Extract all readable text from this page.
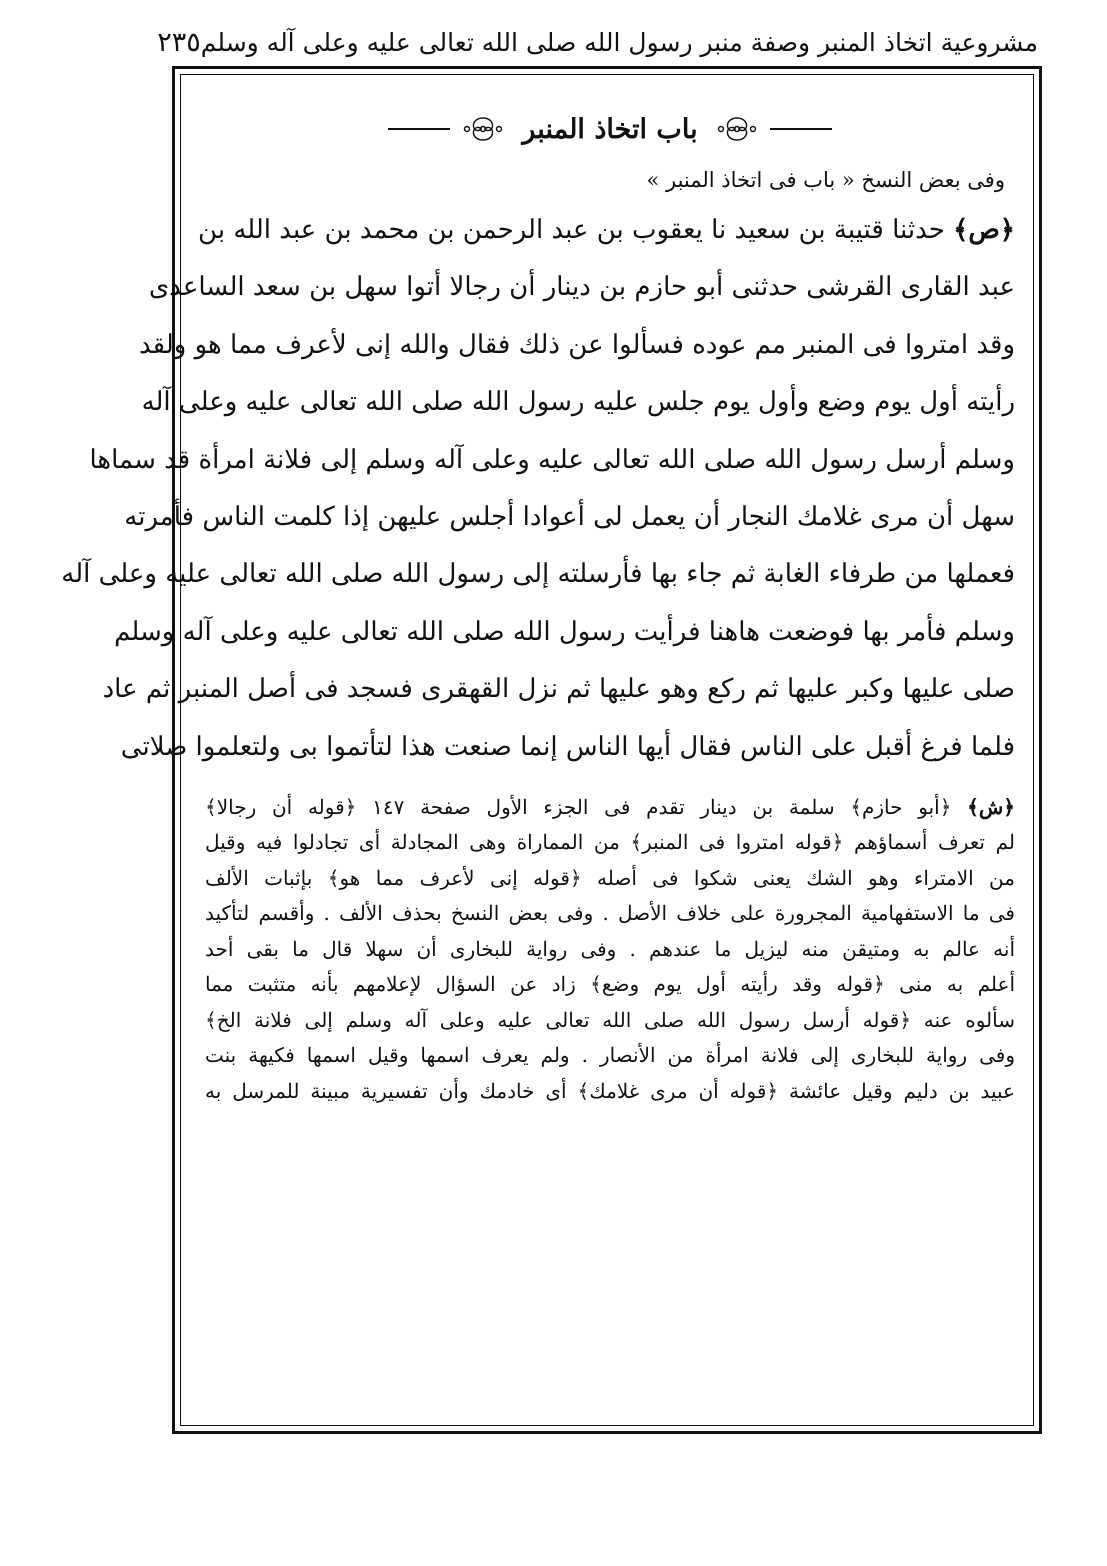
مشروعية اتخاذ المنبر وصفة منبر رسول الله صلى الله تعالى عليه وعلى آله وسلم
٢٣٥
باب اتخاذ المنبر
وفى بعض النسخ « باب فى اتخاذ المنبر »
﴿ص﴾ حدثنا قتيبة بن سعيد نا يعقوب بن عبد الرحمن بن محمد بن عبد الله بن
عبد القارى القرشى حدثنى أبو حازم بن دينار أن رجالا أتوا سهل بن سعد الساعدى
وقد امتروا فى المنبر مم عوده فسألوا عن ذلك فقال والله إنى لأعرف مما هو ولقد
رأيته أول يوم وضع وأول يوم جلس عليه رسول الله صلى الله تعالى عليه وعلى آله
وسلم أرسل رسول الله صلى الله تعالى عليه وعلى آله وسلم إلى فلانة امرأة قد سماها
سهل أن مرى غلامك النجار أن يعمل لى أعوادا أجلس عليهن إذا كلمت الناس فأمرته
فعملها من طرفاء الغابة ثم جاء بها فأرسلته إلى رسول الله صلى الله تعالى عليه وعلى آله
وسلم فأمر بها فوضعت هاهنا فرأيت رسول الله صلى الله تعالى عليه وعلى آله وسلم
صلى عليها وكبر عليها ثم ركع وهو عليها ثم نزل القهقرى فسجد فى أصل المنبر ثم عاد
فلما فرغ أقبل على الناس فقال أيها الناس إنما صنعت هذا لتأتموا بى ولتعلموا صلاتى
﴿ش﴾ ﴿أبو حازم﴾ سلمة بن دينار تقدم فى الجزء الأول صفحة ١٤٧ ﴿قوله أن رجالا﴾
لم تعرف أسماؤهم ﴿قوله امتروا فى المنبر﴾ من المماراة وهى المجادلة أى تجادلوا فيه وقيل
من الامتراء وهو الشك يعنى شكوا فى أصله ﴿قوله إنى لأعرف مما هو﴾ بإثبات الألف
فى ما الاستفهامية المجرورة على خلاف الأصل . وفى بعض النسخ بحذف الألف . وأقسم لتأكيد
أنه عالم به ومتيقن منه ليزيل ما عندهم . وفى رواية للبخارى أن سهلا قال ما بقى أحد
أعلم به منى ﴿قوله وقد رأيته أول يوم وضع﴾ زاد عن السؤال لإعلامهم بأنه متثبت مما
سألوه عنه ﴿قوله أرسل رسول الله صلى الله تعالى عليه وعلى آله وسلم إلى فلانة الخ﴾
وفى رواية للبخارى إلى فلانة امرأة من الأنصار . ولم يعرف اسمها وقيل اسمها فكيهة بنت
عبيد بن دليم وقيل عائشة ﴿قوله أن مرى غلامك﴾ أى خادمك وأن تفسيرية مبينة للمرسل به
